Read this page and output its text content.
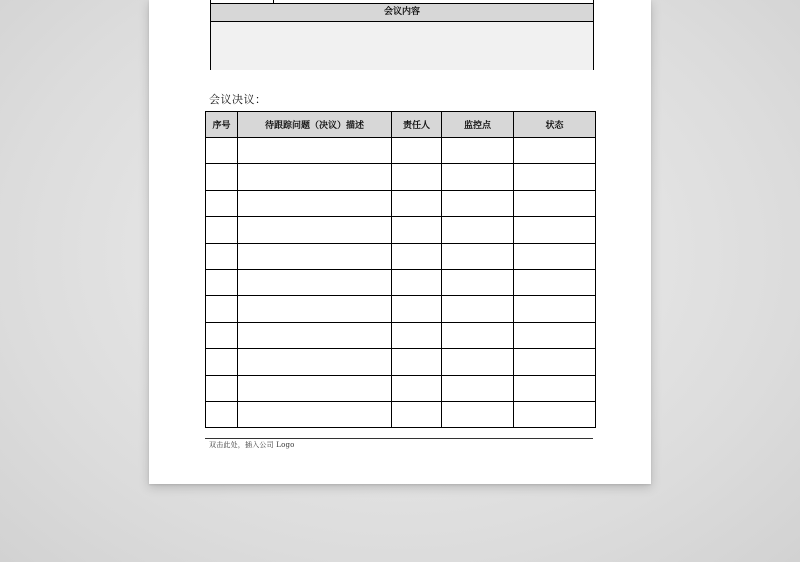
会议内容
会议决议：
序号	待跟踪问题（决议）描述	责任人	监控点	状态

双击此处，插入公司 Logo
